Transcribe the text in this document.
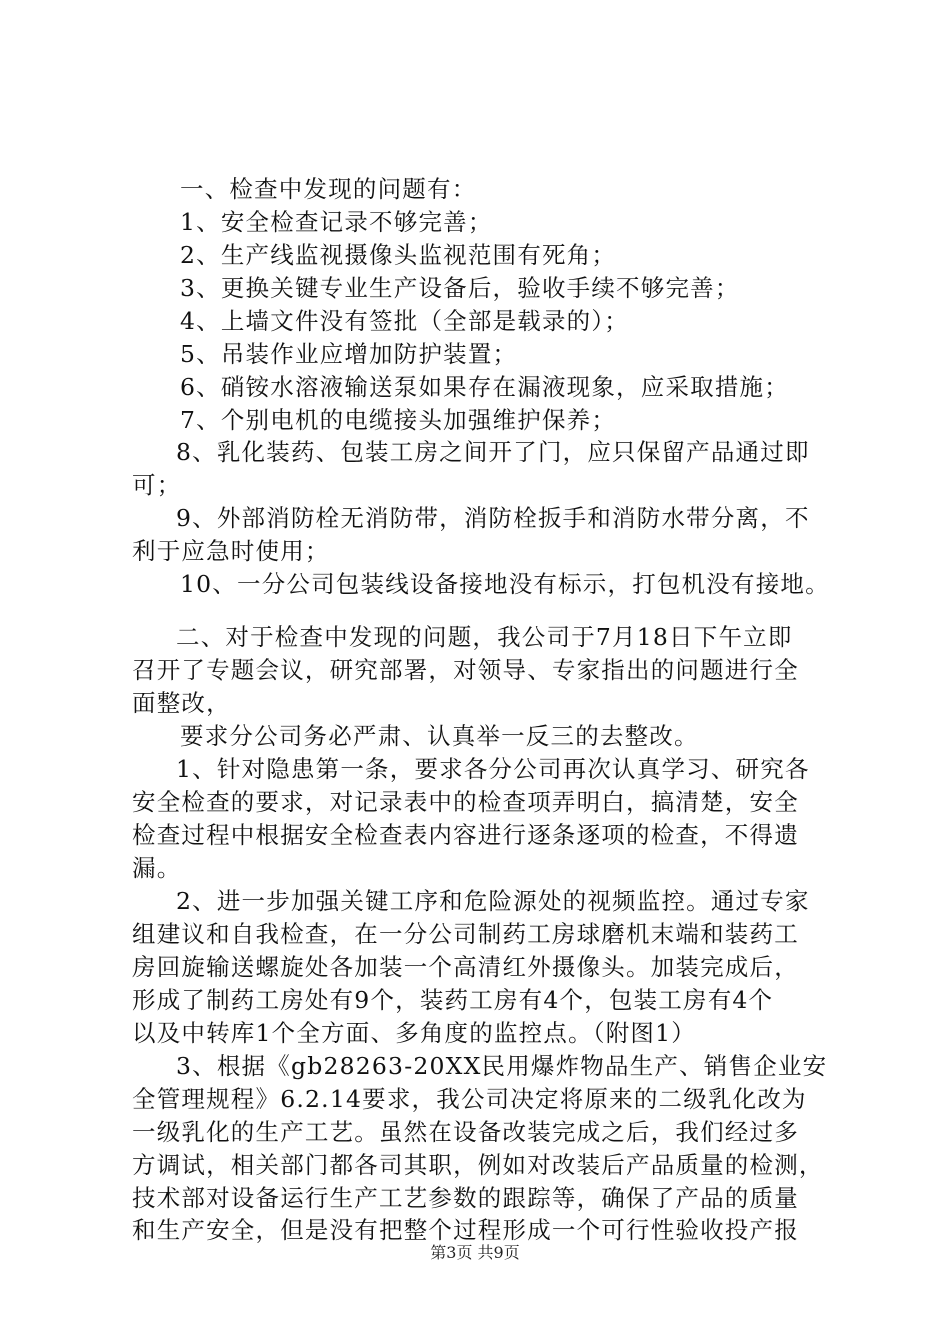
一、检查中发现的问题有：
1、安全检查记录不够完善；
2、生产线监视摄像头监视范围有死角；
3、更换关键专业生产设备后，验收手续不够完善；
4、上墙文件没有签批（全部是载录的）；
5、吊装作业应增加防护装置；
6、硝铵水溶液输送泵如果存在漏液现象，应采取措施；
7、个别电机的电缆接头加强维护保养；
8、乳化装药、包装工房之间开了门，应只保留产品通过即
可；
9、外部消防栓无消防带，消防栓扳手和消防水带分离，不
利于应急时使用；
10、一分公司包装线设备接地没有标示，打包机没有接地。
二、对于检查中发现的问题，我公司于7月18日下午立即
召开了专题会议，研究部署，对领导、专家指出的问题进行全
面整改，
要求分公司务必严肃、认真举一反三的去整改。
1、针对隐患第一条，要求各分公司再次认真学习、研究各
安全检查的要求，对记录表中的检查项弄明白，搞清楚，安全
检查过程中根据安全检查表内容进行逐条逐项的检查，不得遗
漏。
2、进一步加强关键工序和危险源处的视频监控。通过专家
组建议和自我检查，在一分公司制药工房球磨机末端和装药工
房回旋输送螺旋处各加装一个高清红外摄像头。加装完成后，
形成了制药工房处有9个，装药工房有4个，包装工房有4个
以及中转库1个全方面、多角度的监控点。（附图1）
3、根据《gb28263-20XX民用爆炸物品生产、销售企业安
全管理规程》6.2.14要求，我公司决定将原来的二级乳化改为
一级乳化的生产工艺。虽然在设备改装完成之后，我们经过多
方调试，相关部门都各司其职，例如对改装后产品质量的检测，
技术部对设备运行生产工艺参数的跟踪等，确保了产品的质量
和生产安全，但是没有把整个过程形成一个可行性验收投产报
第3页 共9页
